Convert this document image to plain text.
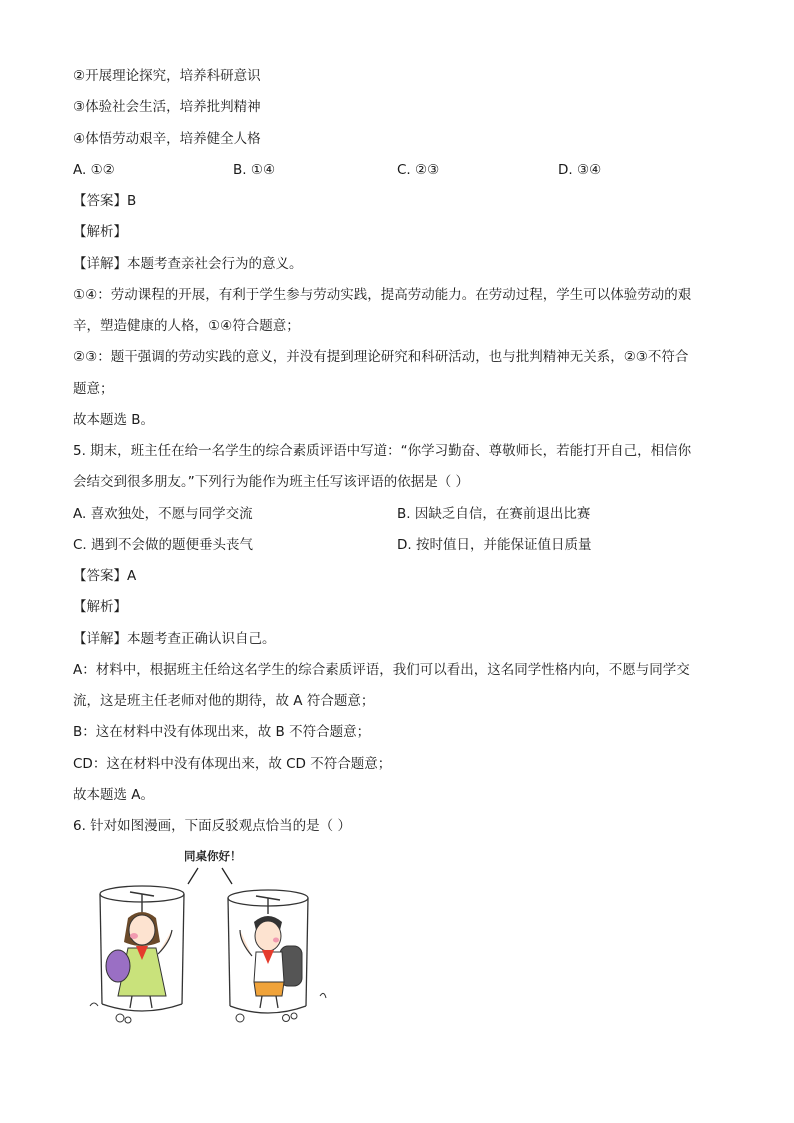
②开展理论探究，培养科研意识
③体验社会生活，培养批判精神
④体悟劳动艰辛，培养健全人格
A. ①②	B. ①④	C. ②③	D. ③④
【答案】B
【解析】
【详解】本题考查亲社会行为的意义。
①④：劳动课程的开展，有利于学生参与劳动实践，提高劳动能力。在劳动过程，学生可以体验劳动的艰
辛，塑造健康的人格，①④符合题意；
②③：题干强调的劳动实践的意义，并没有提到理论研究和科研活动，也与批判精神无关系，②③不符合
题意；
故本题选 B。
5. 期末，班主任在给一名学生的综合素质评语中写道：“你学习勤奋、尊敬师长，若能打开自己，相信你
会结交到很多朋友。”下列行为能作为班主任写该评语的依据是（ ）
A. 喜欢独处，不愿与同学交流	B. 因缺乏自信，在赛前退出比赛
C. 遇到不会做的题便垂头丧气	D. 按时值日，并能保证值日质量
【答案】A
【解析】
【详解】本题考查正确认识自己。
A：材料中，根据班主任给这名学生的综合素质评语，我们可以看出，这名同学性格内向，不愿与同学交
流，这是班主任老师对他的期待，故 A 符合题意；
B：这在材料中没有体现出来，故 B 不符合题意；
CD：这在材料中没有体现出来，故 CD 不符合题意；
故本题选 A。
6. 针对如图漫画，下面反驳观点恰当的是（ ）
同桌你好！
